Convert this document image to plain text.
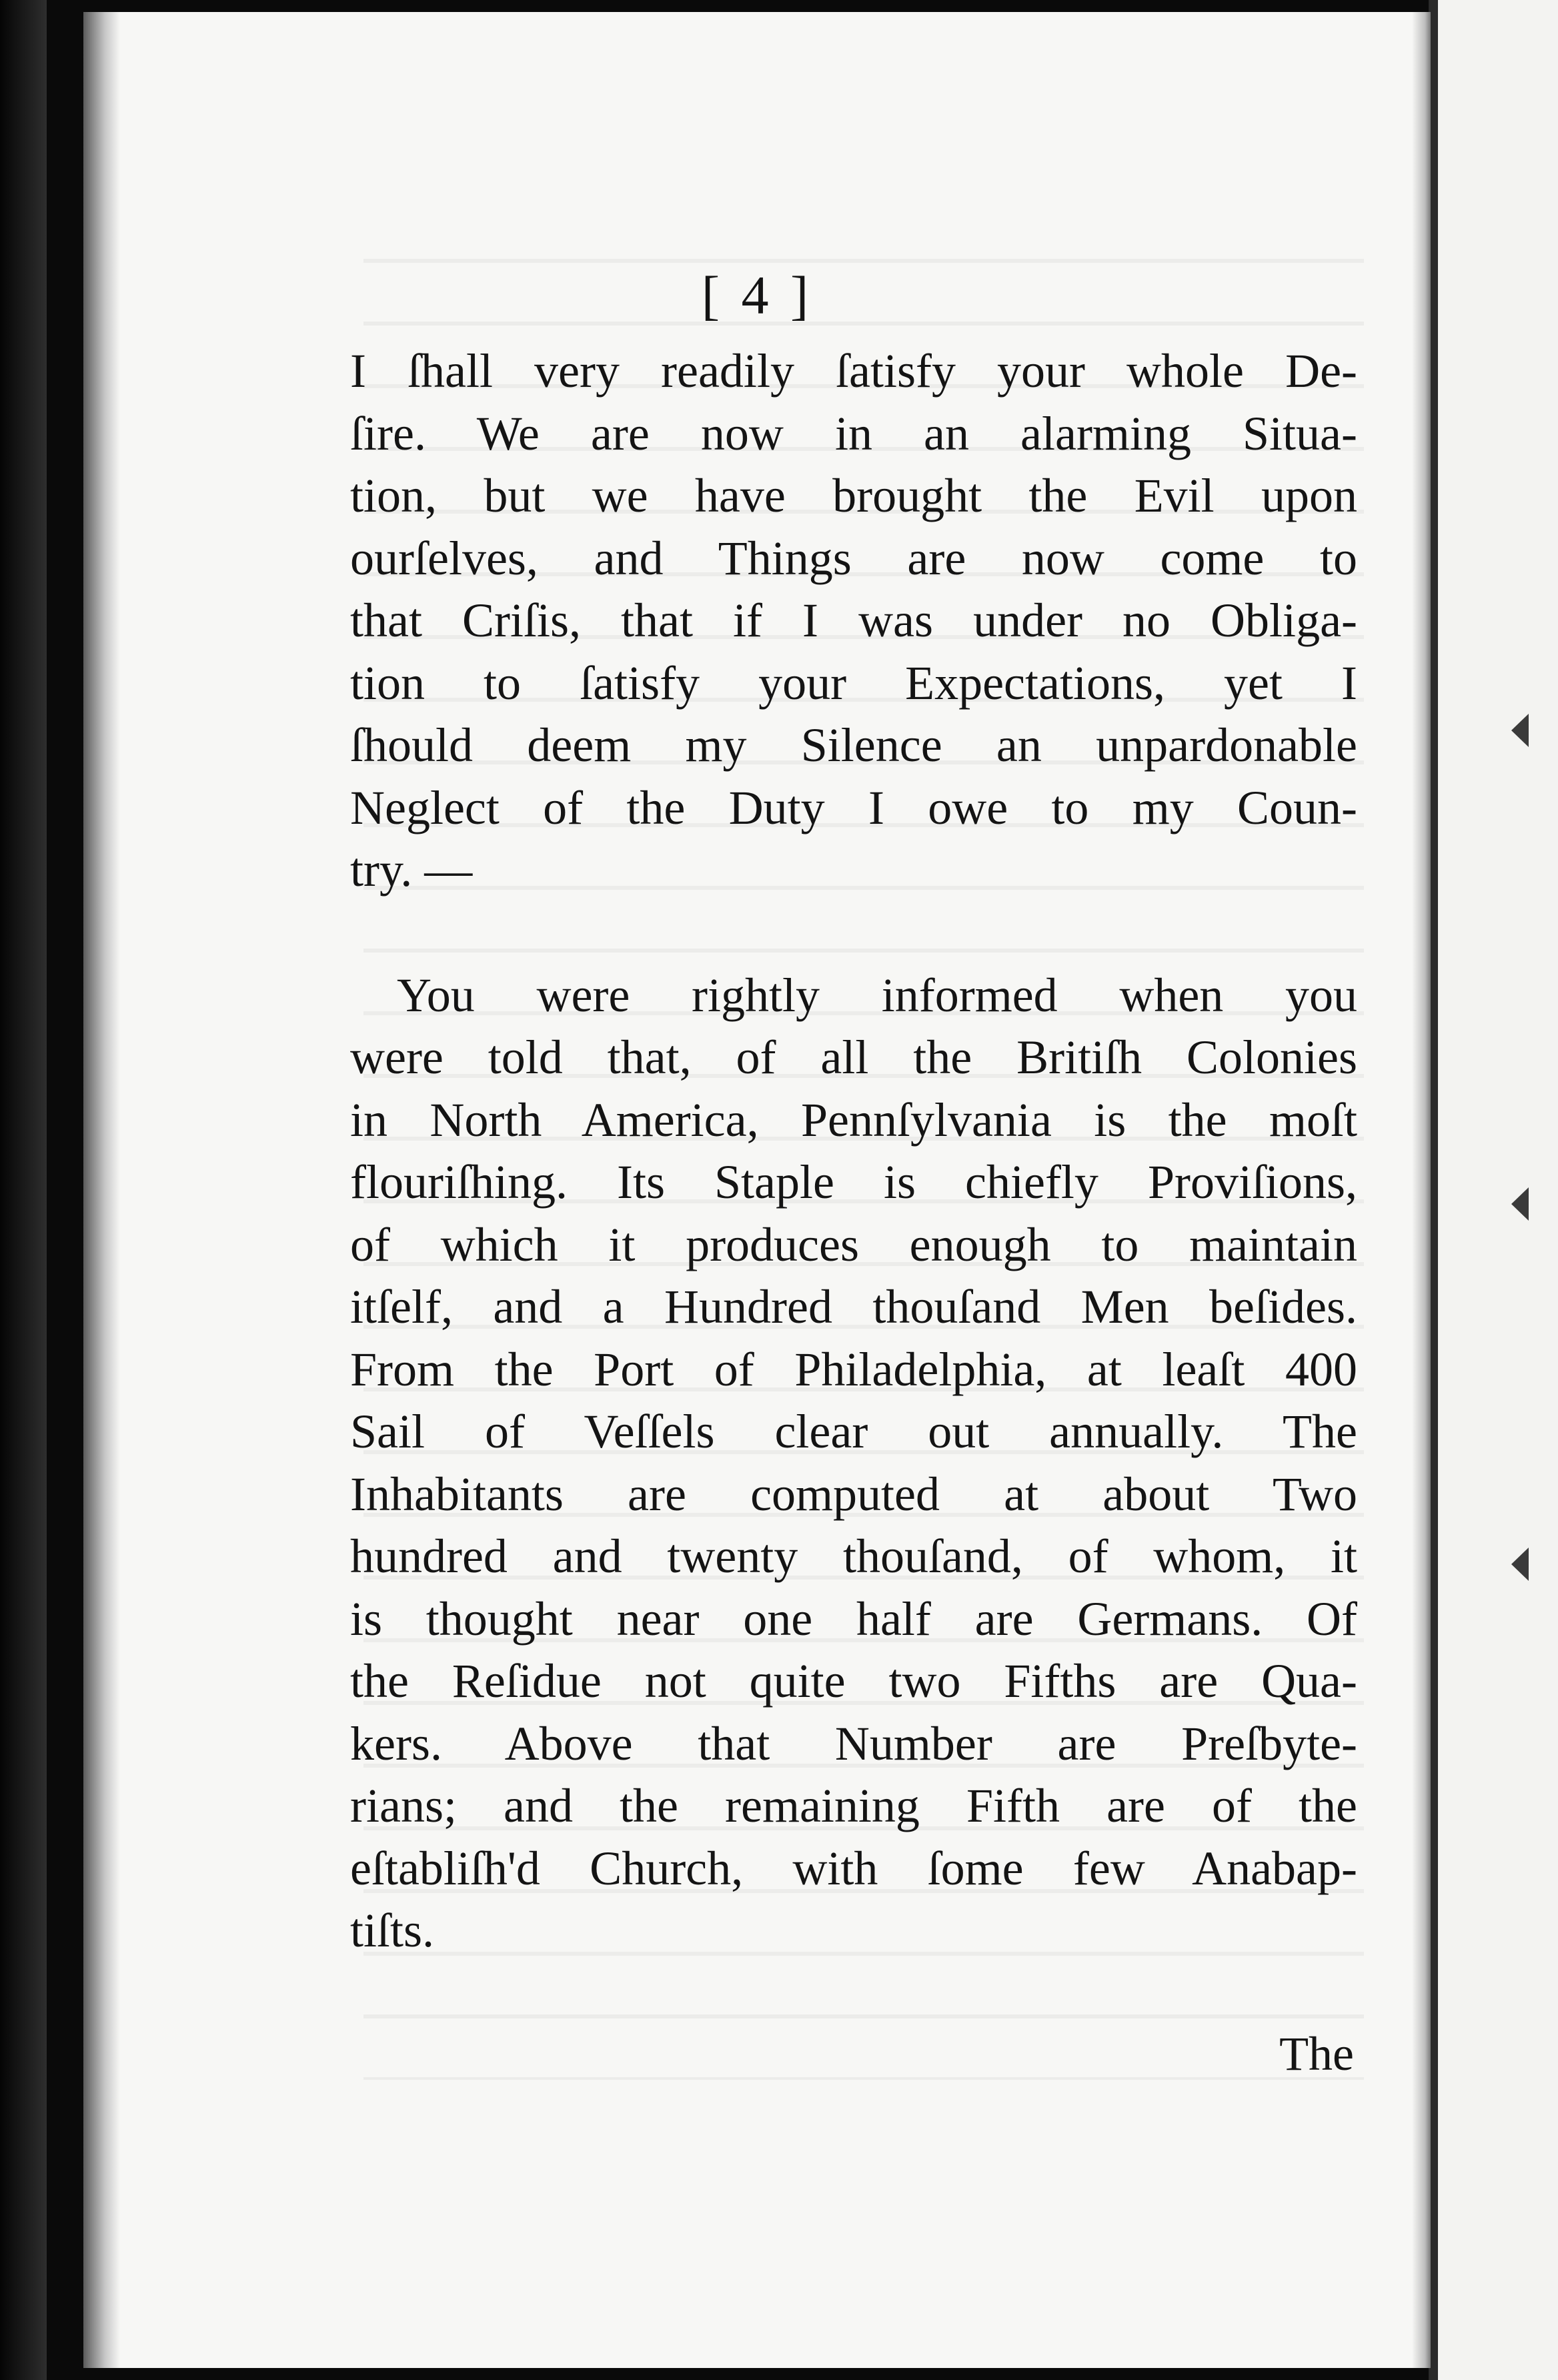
[ 4 ]
I ſhall very readily ſatisfy your whole De-
ſire. We are now in an alarming Situa-
tion, but we have brought the Evil upon
ourſelves, and Things are now come to
that Criſis, that if I was under no Obliga-
tion to ſatisfy your Expectations, yet I
ſhould deem my Silence an unpardonable
Neglect of the Duty I owe to my Coun-
try. —
You were rightly informed when you
were told that, of all the Britiſh Colonies
in North America, Pennſylvania is the moſt
flouriſhing. Its Staple is chiefly Proviſions,
of which it produces enough to maintain
itſelf, and a Hundred thouſand Men beſides.
From the Port of Philadelphia, at leaſt 400
Sail of Veſſels clear out annually. The
Inhabitants are computed at about Two
hundred and twenty thouſand, of whom, it
is thought near one half are Germans. Of
the Reſidue not quite two Fifths are Qua-
kers. Above that Number are Preſbyte-
rians; and the remaining Fifth are of the
eſtabliſh'd Church, with ſome few Anabap-
tiſts.
The
